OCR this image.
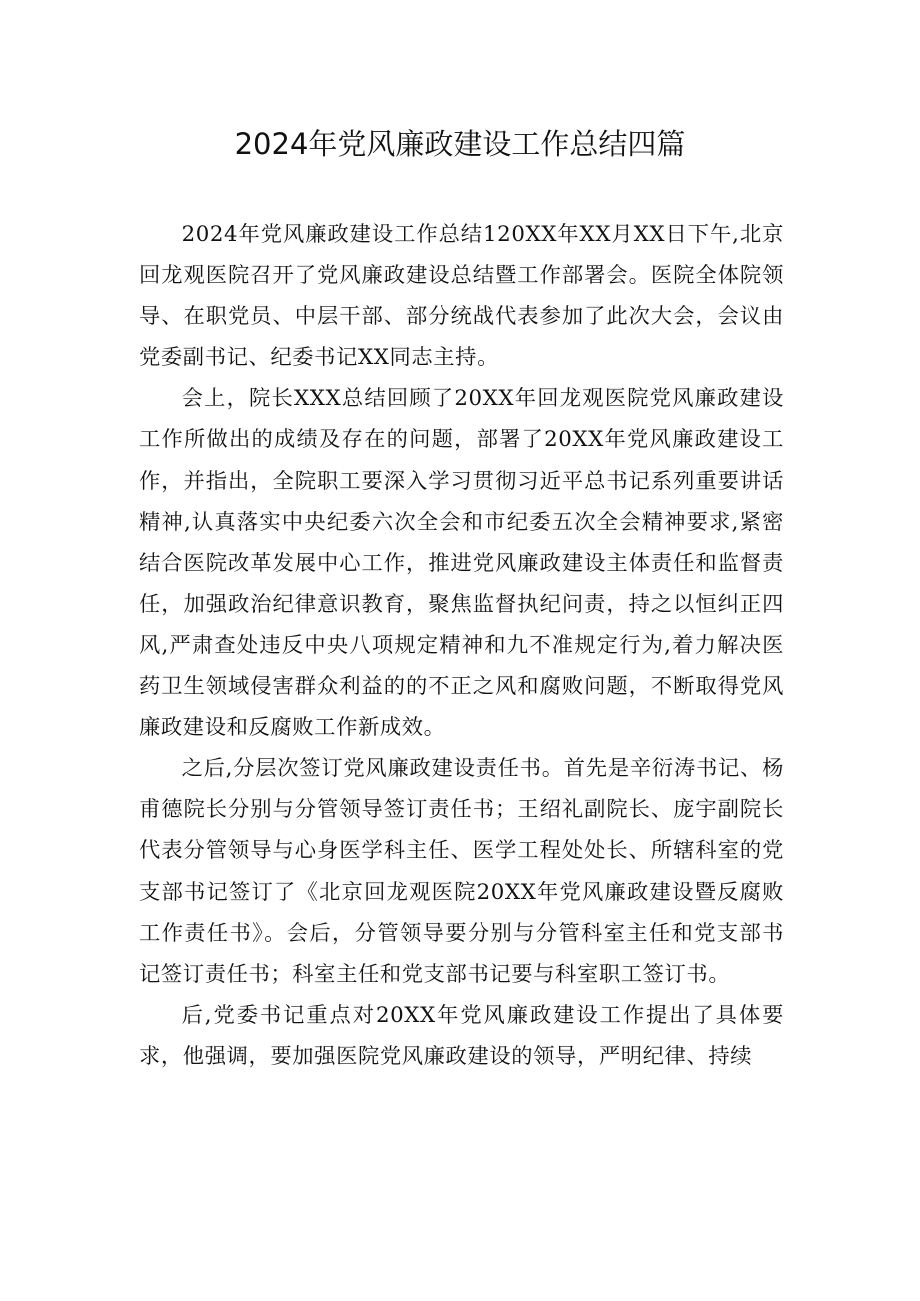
2024年党风廉政建设工作总结四篇

2024年党风廉政建设工作总结120XX年XX月XX日下午,北京回龙观医院召开了党风廉政建设总结暨工作部署会。医院全体院领导、在职党员、中层干部、部分统战代表参加了此次大会，会议由党委副书记、纪委书记XX同志主持。

会上，院长XXX总结回顾了20XX年回龙观医院党风廉政建设工作所做出的成绩及存在的问题，部署了20XX年党风廉政建设工作，并指出，全院职工要深入学习贯彻习近平总书记系列重要讲话精神,认真落实中央纪委六次全会和市纪委五次全会精神要求,紧密结合医院改革发展中心工作，推进党风廉政建设主体责任和监督责任，加强政治纪律意识教育，聚焦监督执纪问责，持之以恒纠正四风,严肃查处违反中央八项规定精神和九不准规定行为,着力解决医药卫生领域侵害群众利益的的不正之风和腐败问题，不断取得党风廉政建设和反腐败工作新成效。

之后,分层次签订党风廉政建设责任书。首先是辛衍涛书记、杨甫德院长分别与分管领导签订责任书；王绍礼副院长、庞宇副院长代表分管领导与心身医学科主任、医学工程处处长、所辖科室的党支部书记签订了《北京回龙观医院20XX年党风廉政建设暨反腐败工作责任书》。会后，分管领导要分别与分管科室主任和党支部书记签订责任书；科室主任和党支部书记要与科室职工签订书。

后,党委书记重点对20XX年党风廉政建设工作提出了具体要求，他强调，要加强医院党风廉政建设的领导，严明纪律、持续
